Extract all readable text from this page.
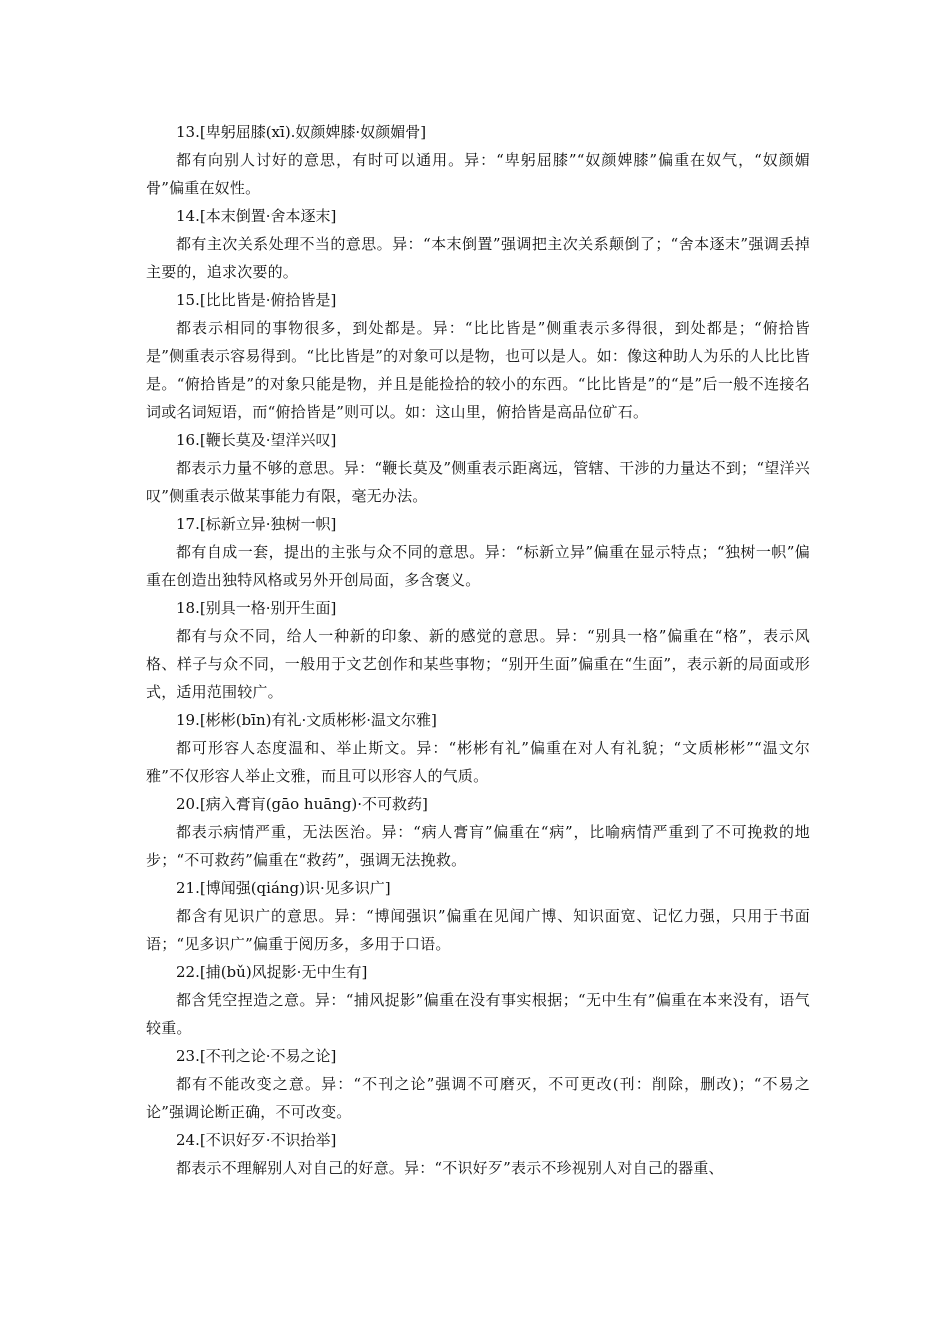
13.[卑躬屈膝(xī).奴颜婢膝·奴颜媚骨]
都有向别人讨好的意思，有时可以通用。异：“卑躬屈膝”“奴颜婢膝”偏重在奴气，“奴颜媚骨”偏重在奴性。
14.[本末倒置·舍本逐末]
都有主次关系处理不当的意思。异：“本末倒置”强调把主次关系颠倒了；“舍本逐末”强调丢掉主要的，追求次要的。
15.[比比皆是·俯拾皆是]
都表示相同的事物很多，到处都是。异：“比比皆是”侧重表示多得很，到处都是；“俯拾皆是”侧重表示容易得到。“比比皆是”的对象可以是物，也可以是人。如：像这种助人为乐的人比比皆是。“俯拾皆是”的对象只能是物，并且是能捡拾的较小的东西。“比比皆是”的“是”后一般不连接名词或名词短语，而“俯拾皆是”则可以。如：这山里，俯拾皆是高品位矿石。
16.[鞭长莫及·望洋兴叹]
都表示力量不够的意思。异：“鞭长莫及”侧重表示距离远，管辖、干涉的力量达不到；“望洋兴叹”侧重表示做某事能力有限，毫无办法。
17.[标新立异·独树一帜]
都有自成一套，提出的主张与众不同的意思。异：“标新立异”偏重在显示特点；“独树一帜”偏重在创造出独特风格或另外开创局面，多含褒义。
18.[别具一格·别开生面]
都有与众不同，给人一种新的印象、新的感觉的意思。异：“别具一格”偏重在“格”，表示风格、样子与众不同，一般用于文艺创作和某些事物；“别开生面”偏重在“生面”，表示新的局面或形式，适用范围较广。
19.[彬彬(bīn)有礼·文质彬彬·温文尔雅]
都可形容人态度温和、举止斯文。异：“彬彬有礼”偏重在对人有礼貌；“文质彬彬”“温文尔雅”不仅形容人举止文雅，而且可以形容人的气质。
20.[病入膏肓(gāo huāng)·不可救药]
都表示病情严重，无法医治。异：“病人膏肓”偏重在“病”，比喻病情严重到了不可挽救的地步；“不可救药”偏重在“救药”，强调无法挽救。
21.[博闻强(qiáng)识·见多识广]
都含有见识广的意思。异：“博闻强识”偏重在见闻广博、知识面宽、记忆力强，只用于书面语；“见多识广”偏重于阅历多，多用于口语。
22.[捕(bǔ)风捉影·无中生有]
都含凭空捏造之意。异：“捕风捉影”偏重在没有事实根据；“无中生有”偏重在本来没有，语气较重。
23.[不刊之论·不易之论]
都有不能改变之意。异：“不刊之论”强调不可磨灭，不可更改(刊：削除，删改)；“不易之论”强调论断正确，不可改变。
24.[不识好歹·不识抬举]
都表示不理解别人对自己的好意。异：“不识好歹”表示不珍视别人对自己的器重、
